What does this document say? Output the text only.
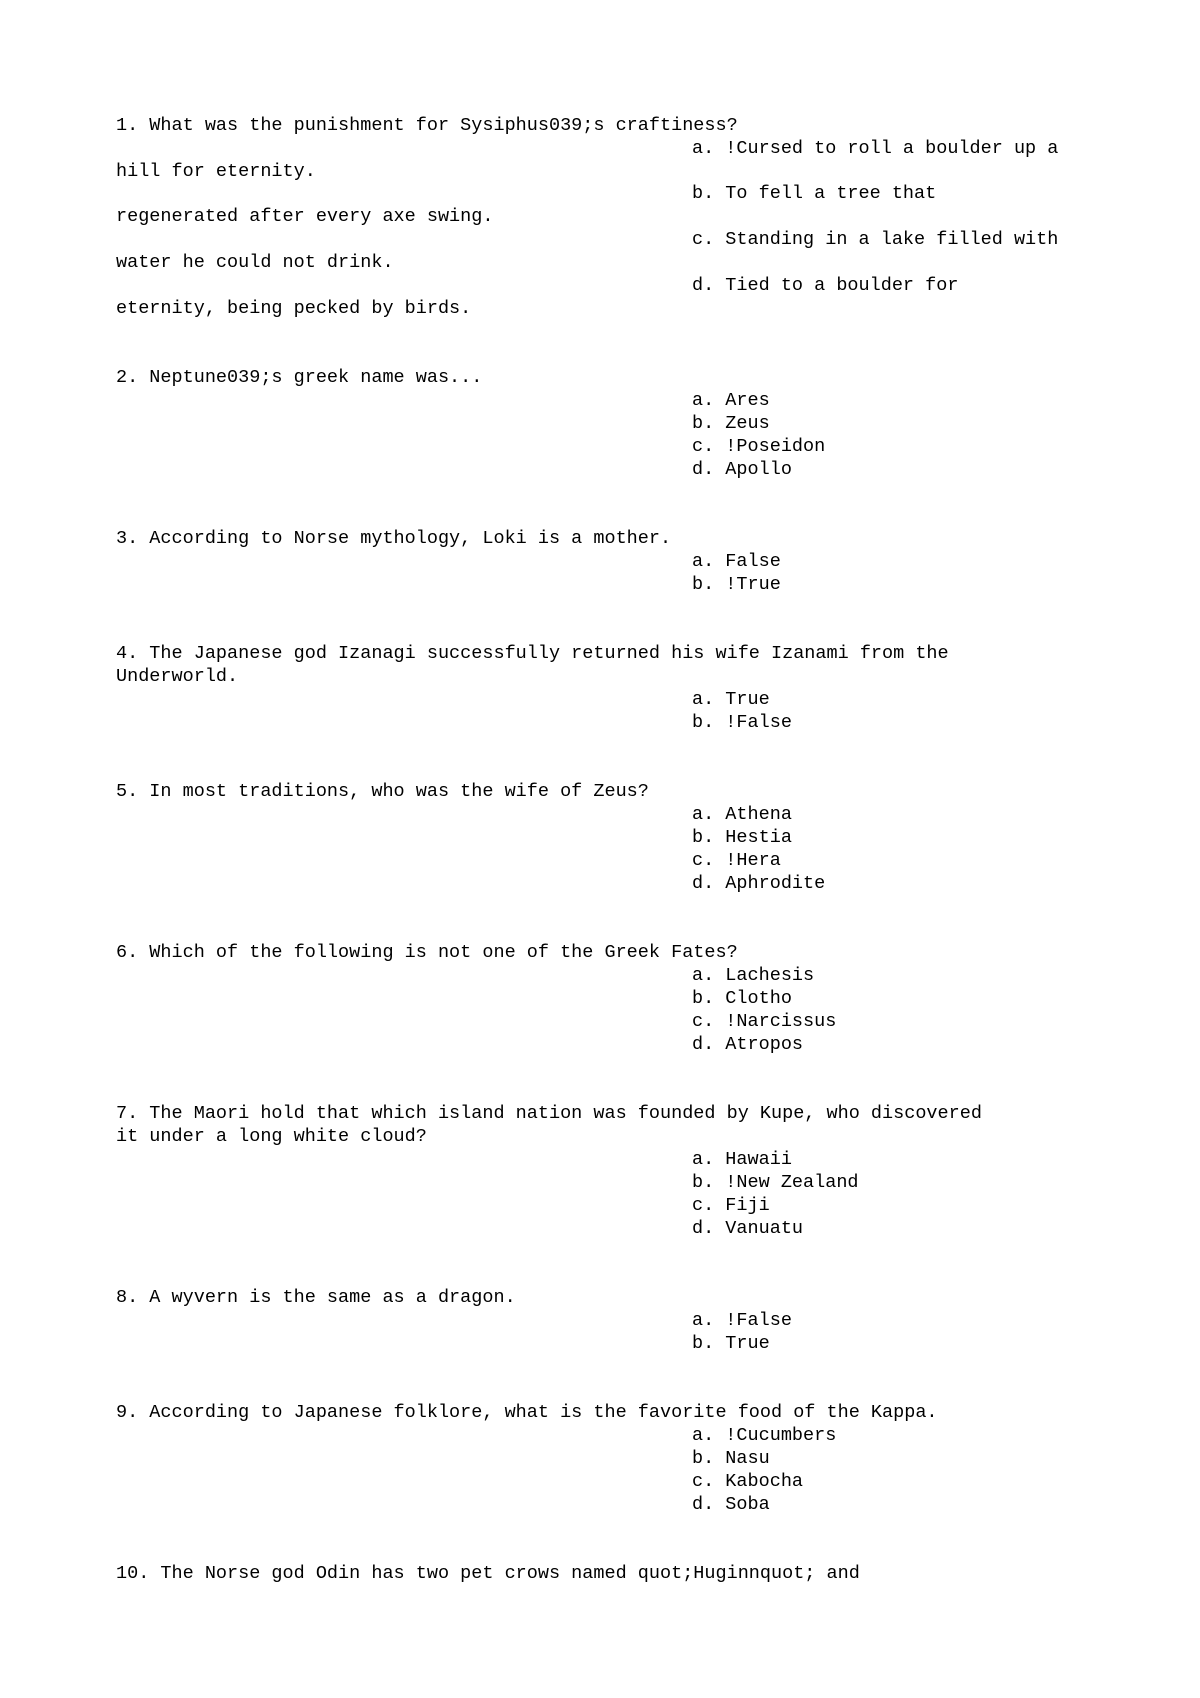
1. What was the punishment for Sysiphus039;s craftiness?
a. !Cursed to roll a boulder up a
hill for eternity.
b. To fell a tree that
regenerated after every axe swing.
c. Standing in a lake filled with
water he could not drink.
d. Tied to a boulder for
eternity, being pecked by birds.
2. Neptune039;s greek name was...
a. Ares
b. Zeus
c. !Poseidon
d. Apollo
3. According to Norse mythology, Loki is a mother.
a. False
b. !True
4. The Japanese god Izanagi successfully returned his wife Izanami from the
Underworld.
a. True
b. !False
5. In most traditions, who was the wife of Zeus?
a. Athena
b. Hestia
c. !Hera
d. Aphrodite
6. Which of the following is not one of the Greek Fates?
a. Lachesis
b. Clotho
c. !Narcissus
d. Atropos
7. The Maori hold that which island nation was founded by Kupe, who discovered
it under a long white cloud?
a. Hawaii
b. !New Zealand
c. Fiji
d. Vanuatu
8. A wyvern is the same as a dragon.
a. !False
b. True
9. According to Japanese folklore, what is the favorite food of the Kappa.
a. !Cucumbers
b. Nasu
c. Kabocha
d. Soba
10. The Norse god Odin has two pet crows named quot;Huginnquot; and
